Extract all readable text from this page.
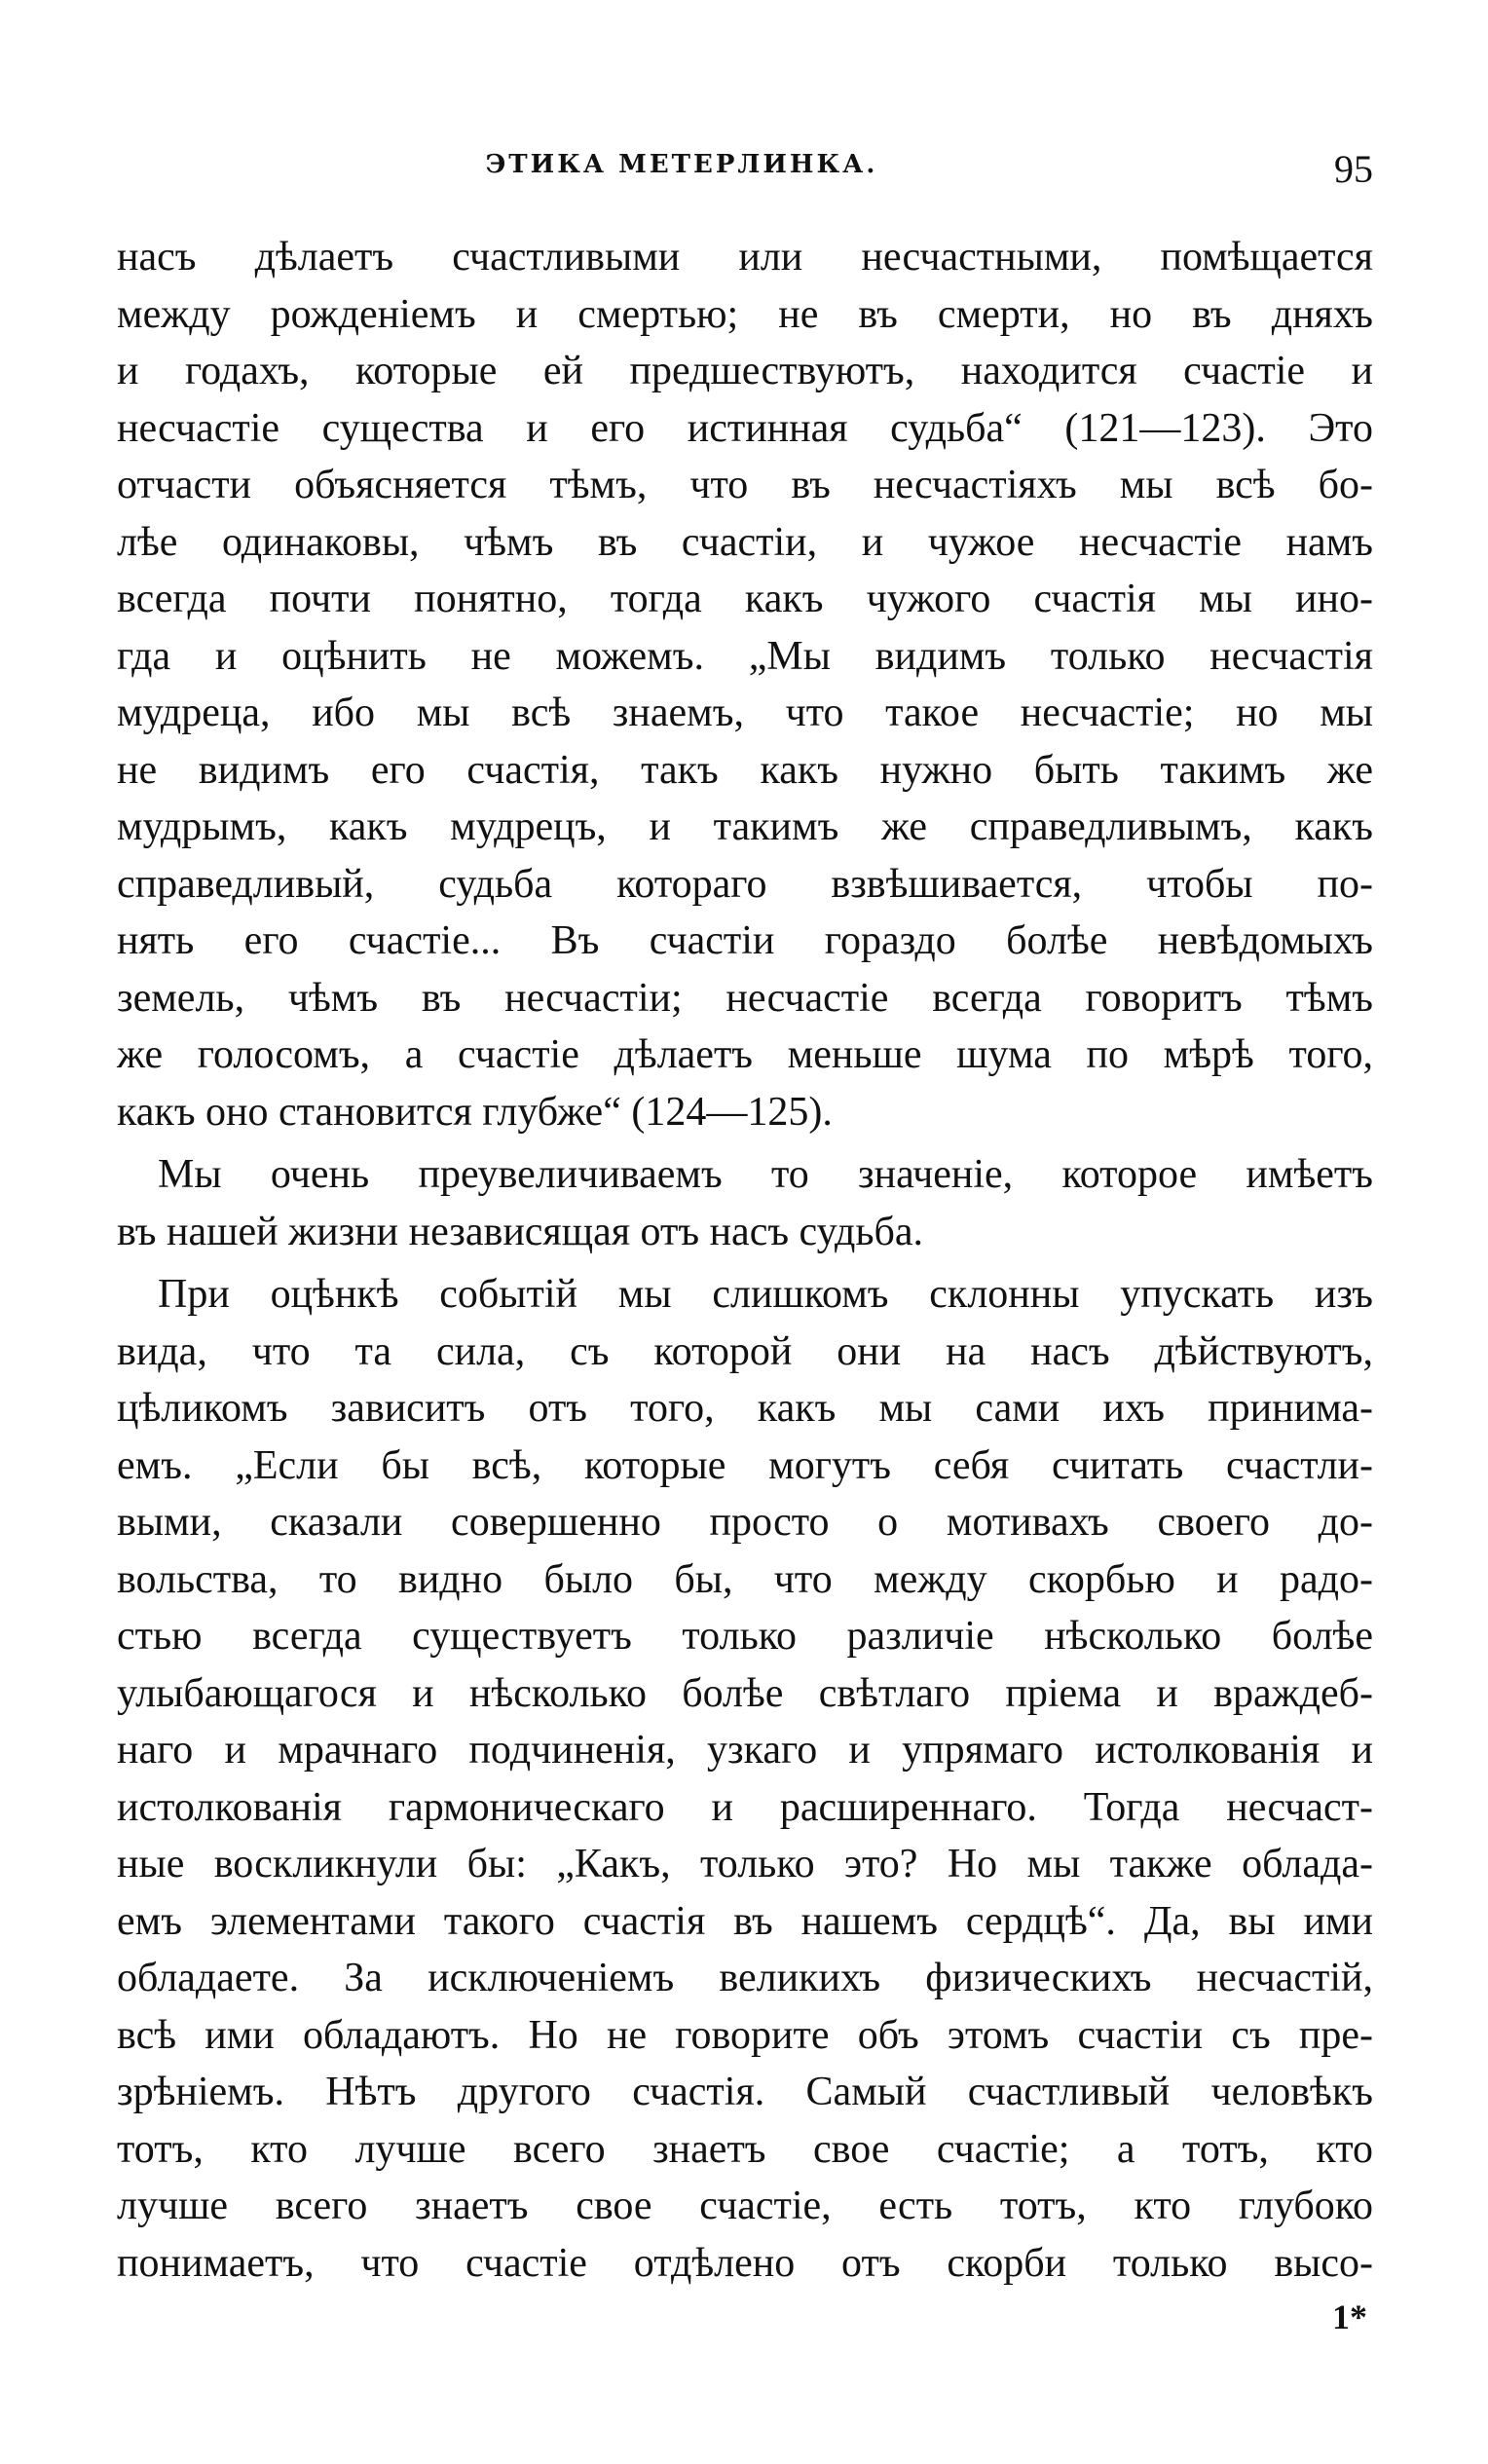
ЭТИКА МЕТЕРЛИНКА.	95
насъ дѣлаетъ счастливыми или несчастными, помѣщается
между рожденіемъ и смертью; не въ смерти, но въ дняхъ
и годахъ, которые ей предшествуютъ, находится счастіе и
несчастіе существа и его истинная судьба“ (121—123). Это
отчасти объясняется тѣмъ, что въ несчастіяхъ мы всѣ бо-
лѣе одинаковы, чѣмъ въ счастіи, и чужое несчастіе намъ
всегда почти понятно, тогда какъ чужого счастія мы ино-
гда и оцѣнить не можемъ. „Мы видимъ только несчастія
мудреца, ибо мы всѣ знаемъ, что такое несчастіе; но мы
не видимъ его счастія, такъ какъ нужно быть такимъ же
мудрымъ, какъ мудрецъ, и такимъ же справедливымъ, какъ
справедливый, судьба котораго взвѣшивается, чтобы по-
нять его счастіе... Въ счастіи гораздо болѣе невѣдомыхъ
земель, чѣмъ въ несчастіи; несчастіе всегда говоритъ тѣмъ
же голосомъ, а счастіе дѣлаетъ меньше шума по мѣрѣ того,
какъ оно становится глубже“ (124—125).
Мы очень преувеличиваемъ то значеніе, которое имѣетъ
въ нашей жизни независящая отъ насъ судьба.
При оцѣнкѣ событій мы слишкомъ склонны упускать изъ
вида, что та сила, съ которой они на насъ дѣйствуютъ,
цѣликомъ зависитъ отъ того, какъ мы сами ихъ принима-
емъ. „Если бы всѣ, которые могутъ себя считать счастли-
выми, сказали совершенно просто о мотивахъ своего до-
вольства, то видно было бы, что между скорбью и радо-
стью всегда существуетъ только различіе нѣсколько болѣе
улыбающагося и нѣсколько болѣе свѣтлаго пріема и враждеб-
наго и мрачнаго подчиненія, узкаго и упрямаго истолкованія и
истолкованія гармоническаго и расширеннаго. Тогда несчаст-
ные воскликнули бы: „Какъ, только это? Но мы также облада-
емъ элементами такого счастія въ нашемъ сердцѣ“. Да, вы ими
обладаете. За исключеніемъ великихъ физическихъ несчастій,
всѣ ими обладаютъ. Но не говорите объ этомъ счастіи съ пре-
зрѣніемъ. Нѣтъ другого счастія. Самый счастливый человѣкъ
тотъ, кто лучше всего знаетъ свое счастіе; а тотъ, кто
лучше всего знаетъ свое счастіе, есть тотъ, кто глубоко
понимаетъ, что счастіе отдѣлено отъ скорби только высо-
1*
